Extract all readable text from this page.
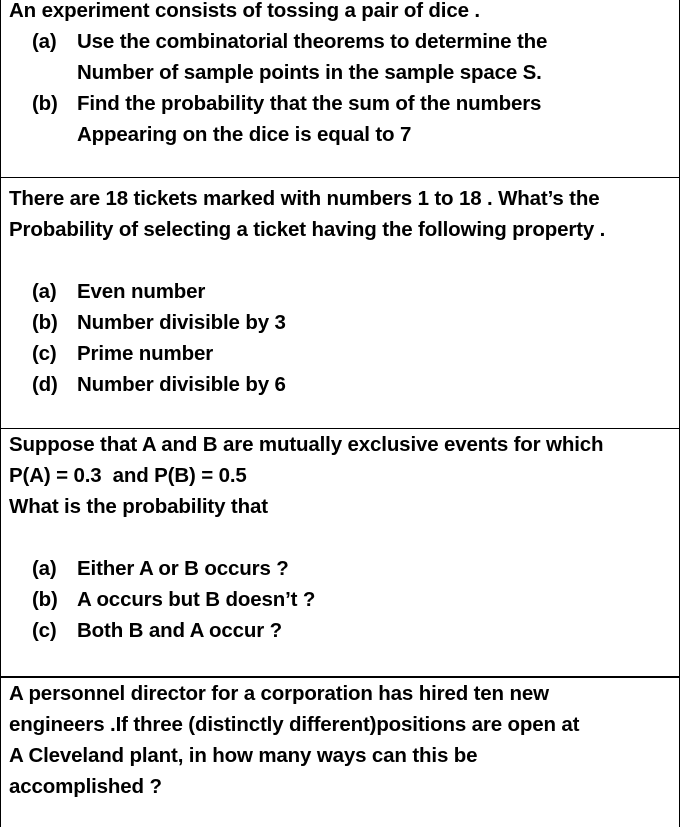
An experiment consists of tossing a pair of dice .
(a) Use the combinatorial theorems to determine the
Number of sample points in the sample space S.
(b) Find the probability that the sum of the numbers
Appearing on the dice is equal to 7
There are 18 tickets marked with numbers 1 to 18 . What’s the
Probability of selecting a ticket having the following property .
(a) Even number
(b) Number divisible by 3
(c) Prime number
(d) Number divisible by 6
Suppose that A and B are mutually exclusive events for which
P(A) = 0.3  and P(B) = 0.5
What is the probability that
(a) Either A or B occurs ?
(b) A occurs but B doesn’t ?
(c) Both B and A occur ?
A personnel director for a corporation has hired ten new
engineers .If three (distinctly different)positions are open at
A Cleveland plant, in how many ways can this be
accomplished ?
